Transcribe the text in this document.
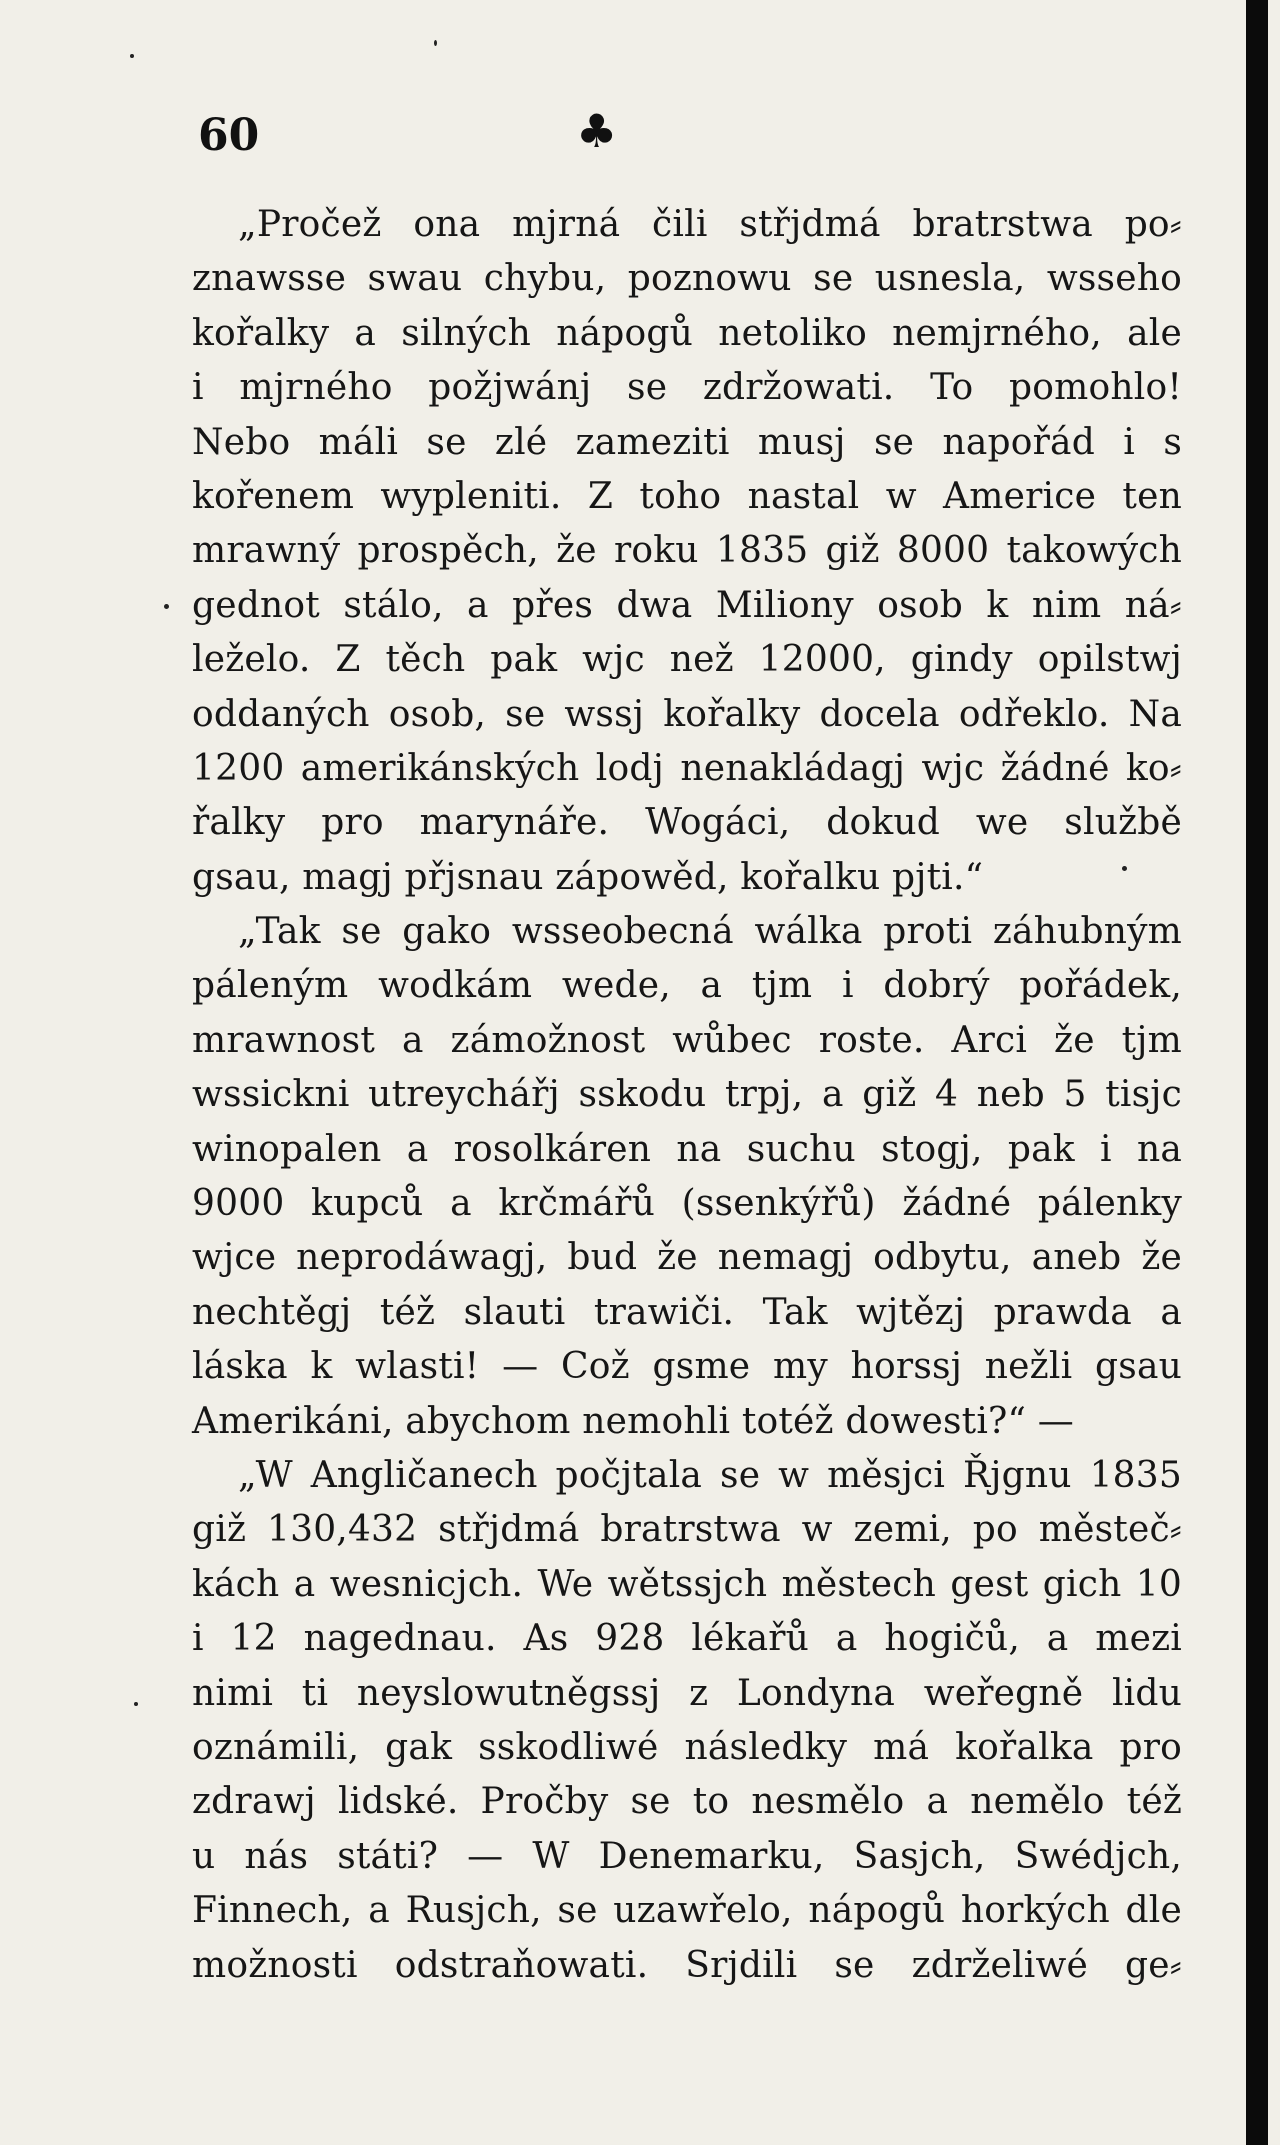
60	♣
„Pročež ona mjrná čili střjdmá bratrstwa po⸗
znawsse swau chybu, poznowu se usnesla, wsseho
kořalky a silných nápogů netoliko nemjrného, ale
i mjrného požjwánj se zdržowati. To pomohlo!
Nebo máli se zlé zameziti musj se napořád i s
kořenem wypleniti. Z toho nastal w Americe ten
mrawný prospěch, že roku 1835 giž 8000 takowých
gednot stálo, a přes dwa Miliony osob k nim ná⸗
leželo. Z těch pak wjc než 12000, gindy opilstwj
oddaných osob, se wssj kořalky docela odřeklo. Na
1200 amerikánských lodj nenakládagj wjc žádné ko⸗
řalky pro marynáře. Wogáci, dokud we službě
gsau, magj přjsnau zápowěd, kořalku pjti.“
„Tak se gako wsseobecná wálka proti záhubným
páleným wodkám wede, a tjm i dobrý pořádek,
mrawnost a zámožnost wůbec roste. Arci že tjm
wssickni utreychářj sskodu trpj, a giž 4 neb 5 tisjc
winopalen a rosolkáren na suchu stogj, pak i na
9000 kupců a krčmářů (ssenkýřů) žádné pálenky
wjce neprodáwagj, bud že nemagj odbytu, aneb že
nechtěgj též slauti trawiči. Tak wjtězj prawda a
láska k wlasti! — Což gsme my horssj nežli gsau
Amerikáni, abychom nemohli totéž dowesti?“ —
„W Angličanech počjtala se w měsjci Řjgnu 1835
giž 130,432 střjdmá bratrstwa w zemi, po městeč⸗
kách a wesnicjch. We wětssjch městech gest gich 10
i 12 nagednau. As 928 lékařů a hogičů, a mezi
nimi ti neyslowutněgssj z Londyna weřegně lidu
oznámili, gak sskodliwé následky má kořalka pro
zdrawj lidské. Pročby se to nesmělo a nemělo též
u nás státi? — W Denemarku, Sasjch, Swédjch,
Finnech, a Rusjch, se uzawřelo, nápogů horkých dle
možnosti odstraňowati. Srjdili se zdrželiwé ge⸗
